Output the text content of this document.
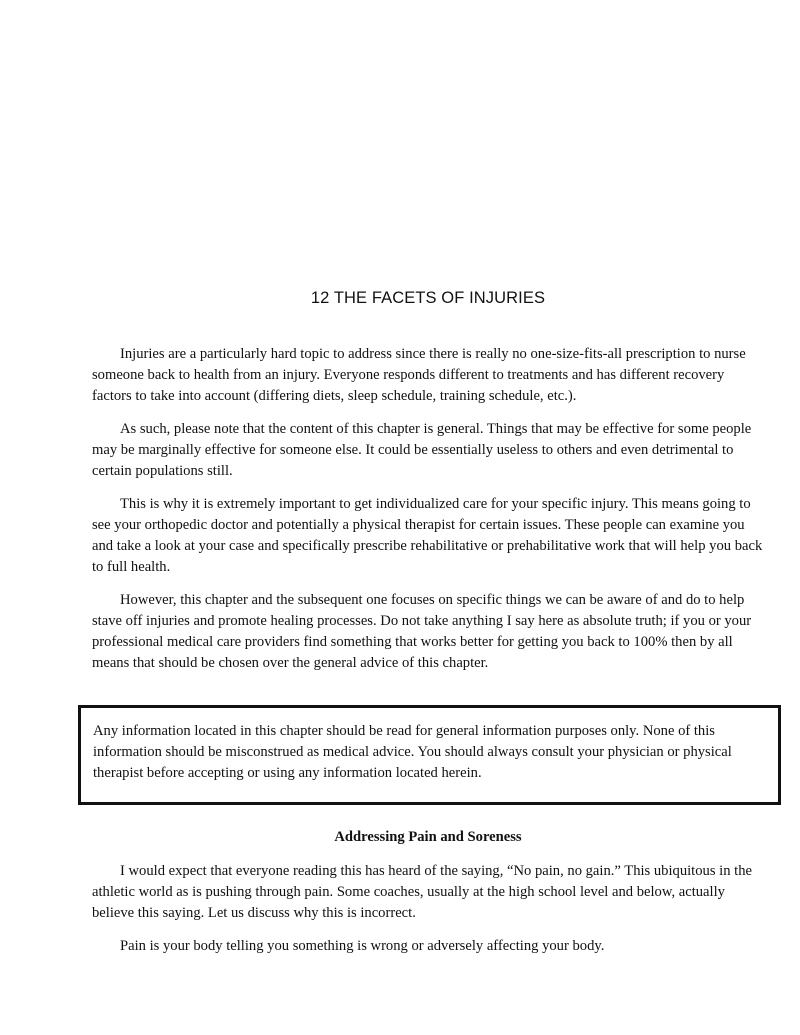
12 THE FACETS OF INJURIES

Injuries are a particularly hard topic to address since there is really no one-size-fits-all prescription to nurse someone back to health from an injury. Everyone responds different to treatments and has different recovery factors to take into account (differing diets, sleep schedule, training schedule, etc.).

As such, please note that the content of this chapter is general. Things that may be effective for some people may be marginally effective for someone else. It could be essentially useless to others and even detrimental to certain populations still.

This is why it is extremely important to get individualized care for your specific injury. This means going to see your orthopedic doctor and potentially a physical therapist for certain issues. These people can examine you and take a look at your case and specifically prescribe rehabilitative or prehabilitative work that will help you back to full health.

However, this chapter and the subsequent one focuses on specific things we can be aware of and do to help stave off injuries and promote healing processes. Do not take anything I say here as absolute truth; if you or your professional medical care providers find something that works better for getting you back to 100% then by all means that should be chosen over the general advice of this chapter.

Any information located in this chapter should be read for general information purposes only. None of this information should be misconstrued as medical advice. You should always consult your physician or physical therapist before accepting or using any information located herein.
Addressing Pain and Soreness

I would expect that everyone reading this has heard of the saying, “No pain, no gain.” This ubiquitous in the athletic world as is pushing through pain. Some coaches, usually at the high school level and below, actually believe this saying. Let us discuss why this is incorrect.

Pain is your body telling you something is wrong or adversely affecting your body.
